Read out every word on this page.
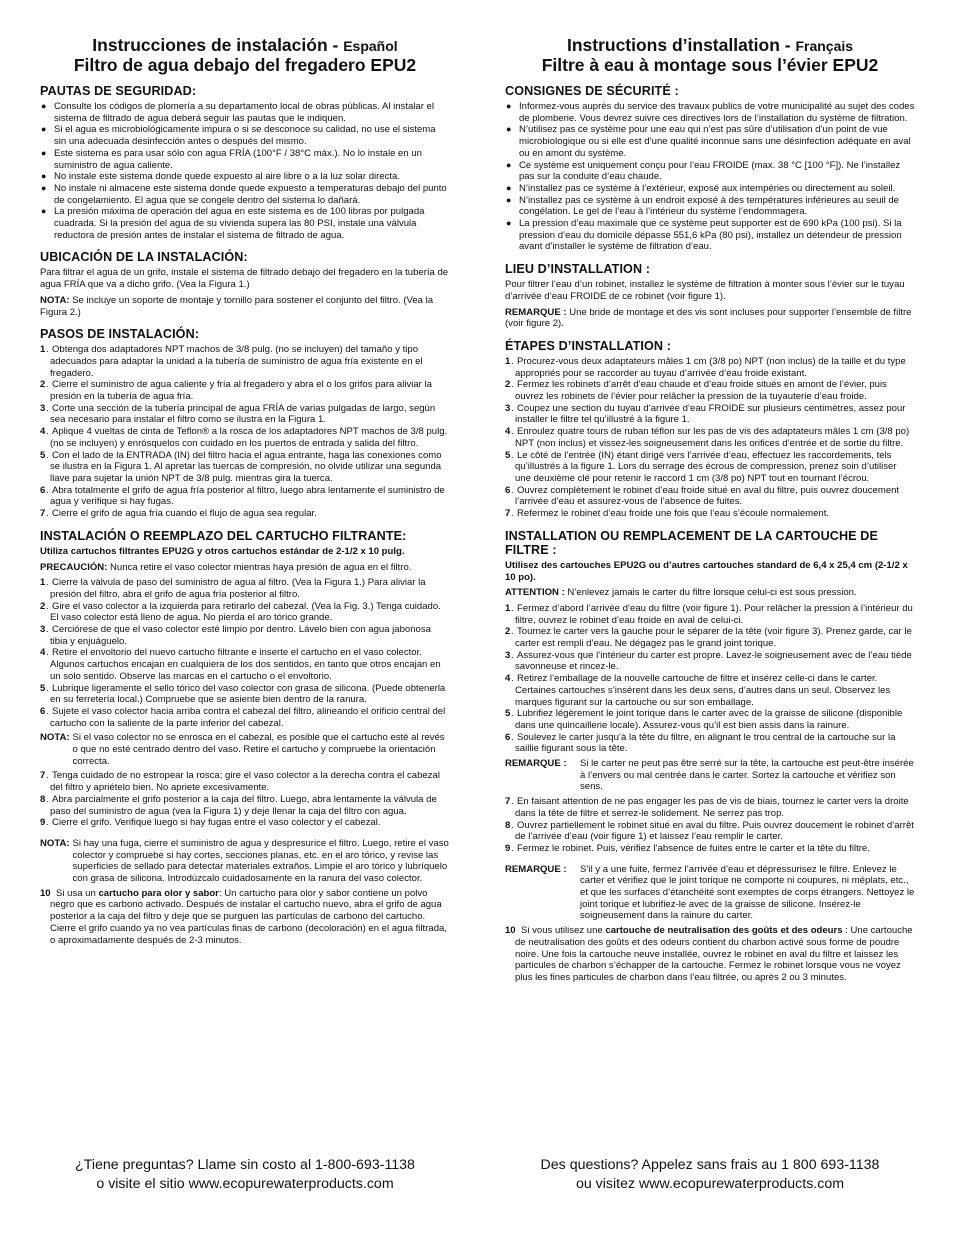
Instrucciones de instalación - Español
Filtro de agua debajo del fregadero EPU2
PAUTAS DE SEGURIDAD:
● Consulte los códigos de plomería a su departamento local de obras públicas. Al instalar el sistema de filtrado de agua deberá seguir las pautas que le indiquen.
● Si el agua es microbiológicamente impura o si se desconoce su calidad, no use el sistema sin una adecuada desinfección antes o después del mismo.
● Este sistema es para usar sólo con agua FRÍA (100°F / 38°C máx.). No lo instale en un suministro de agua caliente.
● No instale este sistema donde quede expuesto al aire libre o a la luz solar directa.
● No instale ni almacene este sistema donde quede expuesto a temperaturas debajo del punto de congelamiento. El agua que se congele dentro del sistema lo dañará.
● La presión máxima de operación del agua en este sistema es de 100 libras por pulgada cuadrada. Si la presión del agua de su vivienda supera las 80 PSI, instale una válvula reductora de presión antes de instalar el sistema de filtrado de agua.
UBICACIÓN DE LA INSTALACIÓN:

Para filtrar el agua de un grifo, instale el sistema de filtrado debajo del fregadero en la tubería de agua FRÍA que va a dicho grifo. (Vea la Figura 1.)

NOTA: Se incluye un soporte de montaje y tornillo para sostener el conjunto del filtro. (Vea la Figura 2.)

PASOS DE INSTALACIÓN:
1 . Obtenga dos adaptadores NPT machos de 3/8 pulg. (no se incluyen) del tamaño y tipo adecuados para adaptar la unidad a la tubería de suministro de agua fría existente en el fregadero.
2 . Cierre el suministro de agua caliente y fría al fregadero y abra el o los grifos para aliviar la presión en la tubería de agua fría.
3 . Corte una sección de la tubería principal de agua FRÍA de varias pulgadas de largo, según sea necesario para instalar el filtro como se ilustra en la Figura 1.
4 . Aplique 4 vueltas de cinta de Teflon® a la rosca de los adaptadores NPT machos de 3/8 pulg. (no se incluyen) y enrósquelos con cuidado en los puertos de entrada y salida del filtro.
5 . Con el lado de la ENTRADA (IN) del filtro hacia el agua entrante, haga las conexiones como se ilustra en la Figura 1. Al apretar las tuercas de compresión, no olvide utilizar una segunda llave para sujetar la unión NPT de 3/8 pulg. mientras gira la tuerca.
6 . Abra totalmente el grifo de agua fría posterior al filtro, luego abra lentamente el suministro de agua y verifique si hay fugas.
7 . Cierre el grifo de agua fría cuando el flujo de agua sea regular.
INSTALACIÓN O REEMPLAZO DEL CARTUCHO FILTRANTE:
Utiliza cartuchos filtrantes EPU2G y otros cartuchos estándar de 2-1/2 x 10 pulg.

PRECAUCIÓN: Nunca retire el vaso colector mientras haya presión de agua en el filtro.

1 . Cierre la válvula de paso del suministro de agua al filtro. (Vea la Figura 1.) Para aliviar la presión del filtro, abra el grifo de agua fría posterior al filtro.
2 . Gire el vaso colector a la izquierda para retirarlo del cabezal. (Vea la Fig. 3.) Tenga cuidado. El vaso colector está lleno de agua. No pierda el aro tórico grande.
3 . Cerciórese de que el vaso colector esté limpio por dentro. Lávelo bien con agua jabonosa tibia y enjuáguelo.
4 . Retire el envoltorio del nuevo cartucho filtrante e inserte el cartucho en el vaso colector. Algunos cartuchos encajan en cualquiera de los dos sentidos, en tanto que otros encajan en un solo sentido. Observe las marcas en el cartucho o el envoltorio.
5 . Lubrique ligeramente el sello tórico del vaso colector con grasa de silicona. (Puede obtenerla en su ferretería local.) Compruebe que se asiente bien dentro de la ranura.
6 . Sujete el vaso colector hacia arriba contra el cabezal del filtro, alineando el orificio central del cartucho con la saliente de la parte inferior del cabezal.
NOTA: Si el vaso colector no se enrosca en el cabezal, es posible que el cartucho esté al revés o que no esté centrado dentro del vaso. Retire el cartucho y compruebe la orientación correcta.
7 . Tenga cuidado de no estropear la rosca; gire el vaso colector a la derecha contra el cabezal del filtro y apriételo bien. No apriete excesivamente.
8 . Abra parcialmente el grifo posterior a la caja del filtro. Luego, abra lentamente la válvula de paso del suministro de agua (vea la Figura 1) y deje llenar la caja del filtro con agua.
9 . Cierre el grifo. Verifique luego si hay fugas entre el vaso colector y el cabezal.
NOTA: Si hay una fuga, cierre el suministro de agua y despresurice el filtro. Luego, retire el vaso colector y compruebe si hay cortes, secciones planas, etc. en el aro tórico, y revise las superficies de sellado para detectar materiales extraños. Limpie el aro tórico y lubríquelo con grasa de silicona. Introdúzcalo cuidadosamente en la ranura del vaso colector.
10 Si usa un cartucho para olor y sabor: Un cartucho para olor y sabor contiene un polvo negro que es carbono activado. Después de instalar el cartucho nuevo, abra el grifo de agua posterior a la caja del filtro y deje que se purguen las partículas de carbono del cartucho. Cierre el grifo cuando ya no vea partículas finas de carbono (decoloración) en el agua filtrada, o aproximadamente después de 2-3 minutos.
Instructions d’installation - Français
Filtre à eau à montage sous l’évier EPU2
CONSIGNES DE SÉCURITÉ :
● Informez-vous auprès du service des travaux publics de votre municipalité au sujet des codes de plomberie. Vous devrez suivre ces directives lors de l’installation du système de filtration.
● N’utilisez pas ce système pour une eau qui n’est pas sûre d’utilisation d’un point de vue microbiologique ou si elle est d’une qualité inconnue sans une désinfection adéquate en aval ou en amont du système.
● Ce système est uniquement conçu pour l’eau FROIDE (max. 38 °C [100 °F]). Ne l’installez pas sur la conduite d’eau chaude.
● N’installez pas ce système à l’extérieur, exposé aux intempéries ou directement au soleil.
● N’installez pas ce système à un endroit exposé à des températures inférieures au seuil de congélation. Le gel de l’eau à l’intérieur du système l’endommagera.
● La pression d’eau maximale que ce système peut supporter est de 690 kPa (100 psi). Si la pression d’eau du domicile dépasse 551,6 kPa (80 psi), installez un détendeur de pression avant d’installer le système de filtration d’eau.
LIEU D’INSTALLATION :

Pour filtrer l’eau d’un robinet, installez le système de filtration à monter sous l’évier sur le tuyau d’arrivée d’eau FROIDE de ce robinet (voir figure 1).

REMARQUE : Une bride de montage et des vis sont incluses pour supporter l’ensemble de filtre (voir figure 2).

ÉTAPES D’INSTALLATION :
1 . Procurez-vous deux adaptateurs mâles 1 cm (3/8 po) NPT (non inclus) de la taille et du type appropriés pour se raccorder au tuyau d’arrivée d’eau froide existant.
2 . Fermez les robinets d’arrêt d’eau chaude et d’eau froide situés en amont de l’évier, puis ouvrez les robinets de l’évier pour relâcher la pression de la tuyauterie d’eau froide.
3 . Coupez une section du tuyau d’arrivée d’eau FROIDE sur plusieurs centimètres, assez pour installer le filtre tel qu’illustré à la figure 1.
4 . Enroulez quatre tours de ruban téflon sur les pas de vis des adaptateurs mâles 1 cm (3/8 po) NPT (non inclus) et vissez-les soigneusement dans les orifices d’entrée et de sortie du filtre.
5 . Le côté de l’entrée (IN) étant dirigé vers l’arrivée d’eau, effectuez les raccordements, tels qu’illustrés à la figure 1. Lors du serrage des écrous de compression, prenez soin d’utiliser une deuxième clé pour retenir le raccord 1 cm (3/8 po) NPT tout en tournant l’écrou.
6 . Ouvrez complètement le robinet d’eau froide situé en aval du filtre, puis ouvrez doucement l’arrivée d’eau et assurez-vous de l’absence de fuites.
7 . Refermez le robinet d’eau froide une fois que l’eau s’écoule normalement.
INSTALLATION OU REMPLACEMENT DE LA CARTOUCHE DE FILTRE :
Utilisez des cartouches EPU2G ou d’autres cartouches standard de 6,4 x 25,4 cm (2-1/2 x 10 po).

ATTENTION : N’enlevez jamais le carter du filtre lorsque celui-ci est sous pression.

1 . Fermez d’abord l’arrivée d’eau du filtre (voir figure 1). Pour relâcher la pression à l’intérieur du filtre, ouvrez le robinet d’eau froide en aval de celui-ci.
2 . Tournez le carter vers la gauche pour le séparer de la tête (voir figure 3). Prenez garde, car le carter est rempli d’eau. Ne dégagez pas le grand joint torique.
3 . Assurez-vous que l’intérieur du carter est propre. Lavez-le soigneusement avec de l’eau tiède savonneuse et rincez-le.
4 . Retirez l’emballage de la nouvelle cartouche de filtre et insérez celle-ci dans le carter. Certaines cartouches s’insèrent dans les deux sens, d’autres dans un seul. Observez les marques figurant sur la cartouche ou sur son emballage.
5 . Lubrifiez légèrement le joint torique dans le carter avec de la graisse de silicone (disponible dans une quincaillerie locale). Assurez-vous qu’il est bien assis dans la rainure.
6 . Soulevez le carter jusqu’à la tête du filtre, en alignant le trou central de la cartouche sur la saillie figurant sous la tête.
REMARQUE :	Si le carter ne peut pas être serré sur la tête, la cartouche est peut-être insérée à l’envers ou mal centrée dans le carter. Sortez la cartouche et vérifiez son sens.
7 . En faisant attention de ne pas engager les pas de vis de biais, tournez le carter vers la droite dans la tête de filtre et serrez-le solidement. Ne serrez pas trop.
8 . Ouvrez partiellement le robinet situé en aval du filtre. Puis ouvrez doucement le robinet d’arrêt de l’arrivée d’eau (voir figure 1) et laissez l’eau remplir le carter.
9 . Fermez le robinet. Puis, vérifiez l’absence de fuites entre le carter et la tête du filtre.
REMARQUE :	S’il y a une fuite, fermez l’arrivée d’eau et dépressurisez le filtre. Enlevez le carter et vérifiez que le joint torique ne comporte ni coupures, ni méplats, etc., et que les surfaces d’étanchéité sont exemptes de corps étrangers. Nettoyez le joint torique et lubrifiez-le avec de la graisse de silicone. Insérez-le soigneusement dans la rainure du carter.
10 Si vous utilisez une cartouche de neutralisation des goûts et des odeurs : Une cartouche de neutralisation des goûts et des odeurs contient du charbon activé sous forme de poudre noire. Une fois la cartouche neuve installée, ouvrez le robinet en aval du filtre et laissez les particules de charbon s’échapper de la cartouche. Fermez le robinet lorsque vous ne voyez plus les fines particules de charbon dans l’eau filtrée, ou après 2 ou 3 minutes.
¿Tiene preguntas? Llame sin costo al 1-800-693-1138
o visite el sitio www.ecopurewaterproducts.com
Des questions? Appelez sans frais au 1 800 693-1138
ou visitez www.ecopurewaterproducts.com
